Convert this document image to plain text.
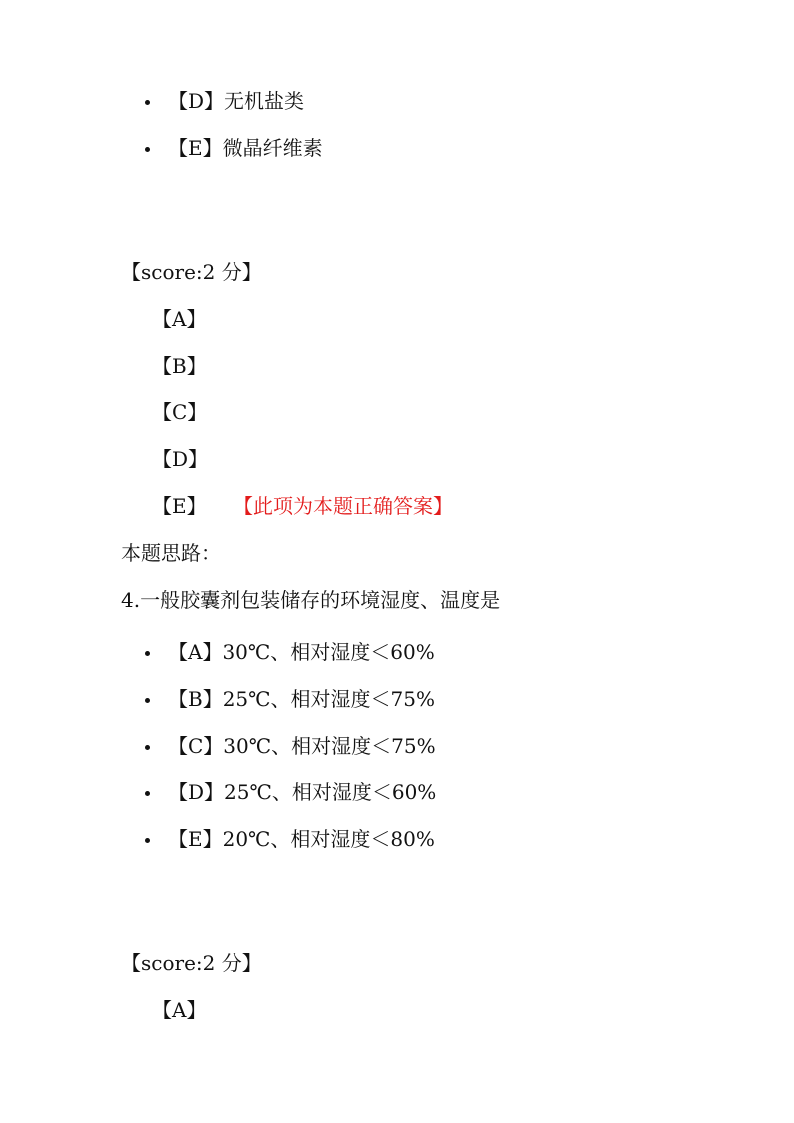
【D】无机盐类
【E】微晶纤维素
【score:2 分】
【A】
【B】
【C】
【D】
【E】 【此项为本题正确答案】
本题思路：
4.一般胶囊剂包装储存的环境湿度、温度是
【A】30℃、相对湿度＜60%
【B】25℃、相对湿度＜75%
【C】30℃、相对湿度＜75%
【D】25℃、相对湿度＜60%
【E】20℃、相对湿度＜80%
【score:2 分】
【A】
